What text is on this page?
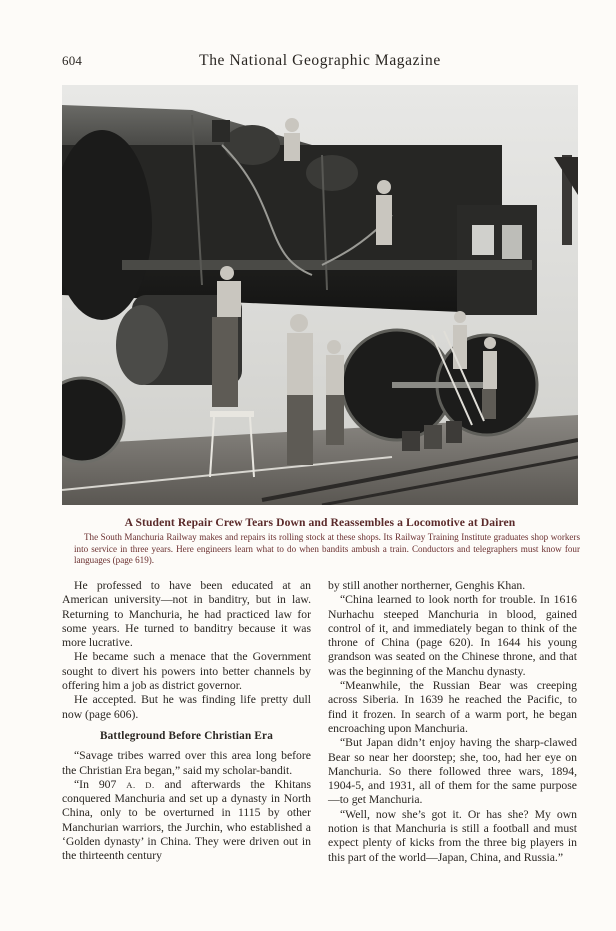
604	The National Geographic Magazine
A Student Repair Crew Tears Down and Reassembles a Locomotive at Dairen
The South Manchuria Railway makes and repairs its rolling stock at these shops. Its Railway Training Institute graduates shop workers into service in three years. Here engineers learn what to do when bandits ambush a train. Conductors and telegraphers must know four languages (page 619).

He professed to have been educated at an American university—not in banditry, but in law. Returning to Manchuria, he had practiced law for some years. He turned to banditry because it was more lucrative.

He became such a menace that the Government sought to divert his powers into better channels by offering him a job as district governor.

He accepted. But he was finding life pretty dull now (page 606).

Battleground Before Christian Era

“Savage tribes warred over this area long before the Christian Era began,” said my scholar-bandit.

“In 907 A. D. and afterwards the Khitans conquered Manchuria and set up a dynasty in North China, only to be overturned in 1115 by other Manchurian warriors, the Jurchin, who established a ‘Golden dynasty’ in China. They were driven out in the thirteenth century

by still another northerner, Genghis Khan.

“China learned to look north for trouble. In 1616 Nurhachu steeped Manchuria in blood, gained control of it, and immediately began to think of the throne of China (page 620). In 1644 his young grandson was seated on the Chinese throne, and that was the beginning of the Manchu dynasty.

“Meanwhile, the Russian Bear was creeping across Siberia. In 1639 he reached the Pacific, to find it frozen. In search of a warm port, he began encroaching upon Manchuria.

“But Japan didn’t enjoy having the sharp-clawed Bear so near her doorstep; she, too, had her eye on Manchuria. So there followed three wars, 1894, 1904-5, and 1931, all of them for the same purpose—to get Manchuria.

“Well, now she’s got it. Or has she? My own notion is that Manchuria is still a football and must expect plenty of kicks from the three big players in this part of the world—Japan, China, and Russia.”
